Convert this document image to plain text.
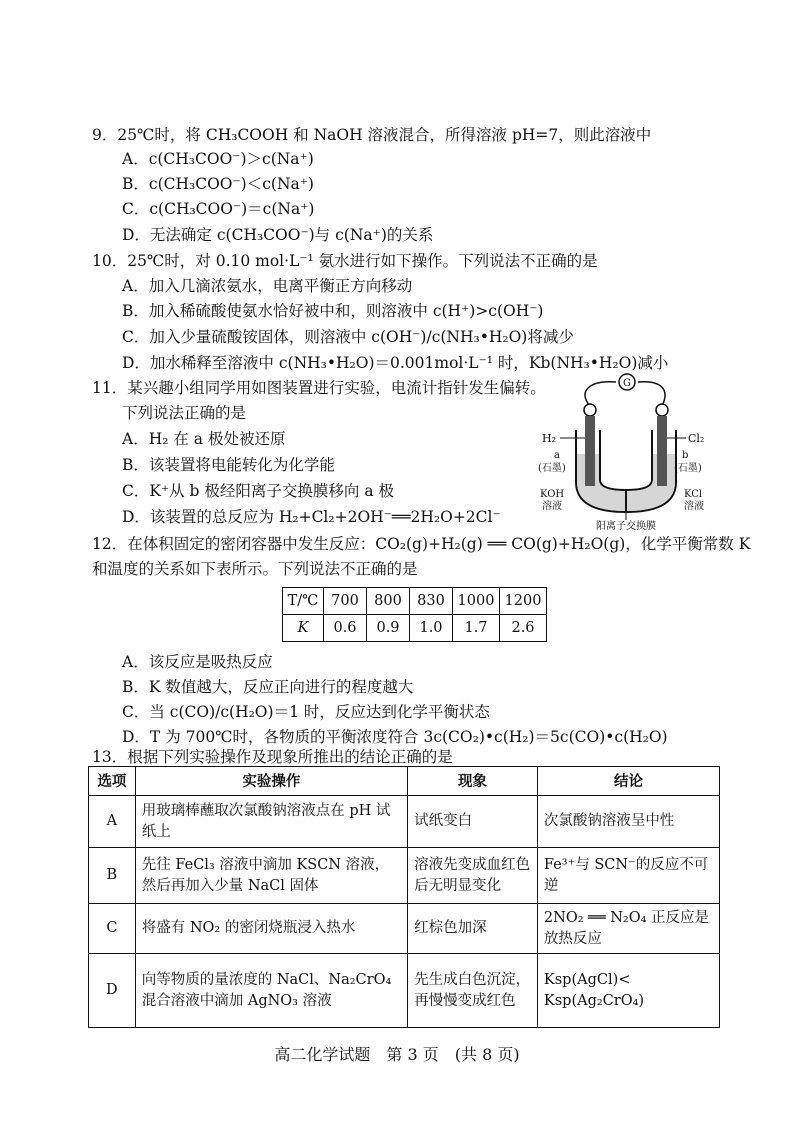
9．25℃时，将 CH₃COOH 和 NaOH 溶液混合，所得溶液 pH=7，则此溶液中
A．c(CH₃COO⁻)＞c(Na⁺)
B．c(CH₃COO⁻)＜c(Na⁺)
C．c(CH₃COO⁻)＝c(Na⁺)
D．无法确定 c(CH₃COO⁻)与 c(Na⁺)的关系
10．25℃时，对 0.10 mol·L⁻¹ 氨水进行如下操作。下列说法不正确的是
A．加入几滴浓氨水，电离平衡正方向移动
B．加入稀硫酸使氨水恰好被中和，则溶液中 c(H⁺)>c(OH⁻)
C．加入少量硫酸铵固体，则溶液中 c(OH⁻)/c(NH₃•H₂O)将减少
D．加水稀释至溶液中 c(NH₃•H₂O)＝0.001mol·L⁻¹ 时，Kb(NH₃•H₂O)减小
11．某兴趣小组同学用如图装置进行实验，电流计指针发生偏转。
下列说法正确的是
A．H₂ 在 a 极处被还原
B．该装置将电能转化为化学能
C．K⁺从 b 极经阳离子交换膜移向 a 极
D．该装置的总反应为 H₂+Cl₂+2OH⁻══2H₂O+2Cl⁻
G
H₂	Cl₂
a
(石墨)
b
(石墨)
KOH
溶液
KCl
溶液
阳离子交换膜
12．在体积固定的密闭容器中发生反应：CO₂(g)+H₂(g) ══ CO(g)+H₂O(g)，化学平衡常数 K
和温度的关系如下表所示。下列说法不正确的是
T/℃	700	800	830	1000	1200
K	0.6	0.9	1.0	1.7	2.6
A．该反应是吸热反应
B．K 数值越大，反应正向进行的程度越大
C．当 c(CO)/c(H₂O)＝1 时，反应达到化学平衡状态
D．T 为 700℃时，各物质的平衡浓度符合 3c(CO₂)•c(H₂)＝5c(CO)•c(H₂O)
13．根据下列实验操作及现象所推出的结论正确的是
选项	实验操作	现象	结论
A	用玻璃棒蘸取次氯酸钠溶液点在 pH 试纸上	试纸变白	次氯酸钠溶液呈中性
B	先往 FeCl₃ 溶液中滴加 KSCN 溶液，然后再加入少量 NaCl 固体	溶液先变成血红色后无明显变化	Fe³⁺与 SCN⁻的反应不可逆
C	将盛有 NO₂ 的密闭烧瓶浸入热水	红棕色加深	2NO₂ ══ N₂O₄ 正反应是放热反应
D	向等物质的量浓度的 NaCl、Na₂CrO₄ 混合溶液中滴加 AgNO₃ 溶液	先生成白色沉淀，再慢慢变成红色	Ksp(AgCl)< Ksp(Ag₂CrO₄)
高二化学试题　第 3 页　(共 8 页)
